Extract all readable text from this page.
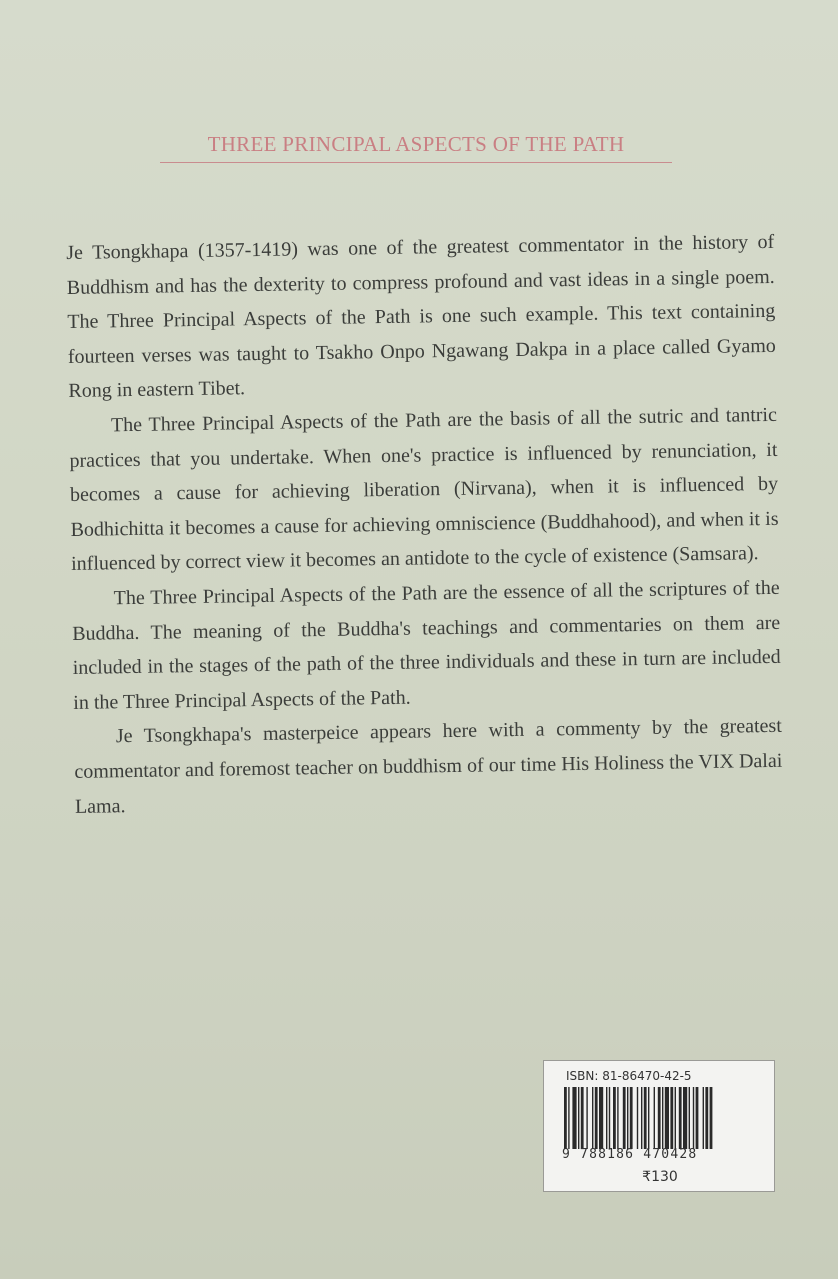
THREE PRINCIPAL ASPECTS OF THE PATH

Je Tsongkhapa (1357-1419) was one of the greatest commentator in the history of Buddhism and has the dexterity to compress profound and vast ideas in a single poem. The Three Principal Aspects of the Path is one such example. This text containing fourteen verses was taught to Tsakho Onpo Ngawang Dakpa in a place called Gyamo Rong in eastern Tibet.

The Three Principal Aspects of the Path are the basis of all the sutric and tantric practices that you undertake. When one's practice is influenced by renunciation, it becomes a cause for achieving liberation (Nirvana), when it is influenced by Bodhichitta it becomes a cause for achieving omniscience (Buddhahood), and when it is influenced by correct view it becomes an antidote to the cycle of existence (Samsara).

The Three Principal Aspects of the Path are the essence of all the scriptures of the Buddha. The meaning of the Buddha's teachings and commentaries on them are included in the stages of the path of the three individuals and these in turn are included in the Three Principal Aspects of the Path.

Je Tsongkhapa's masterpeice appears here with a commenty by the greatest commentator and foremost teacher on buddhism of our time His Holiness the VIX Dalai Lama.

ISBN: 81-86470-42-5
9 788186 470428
₹130
